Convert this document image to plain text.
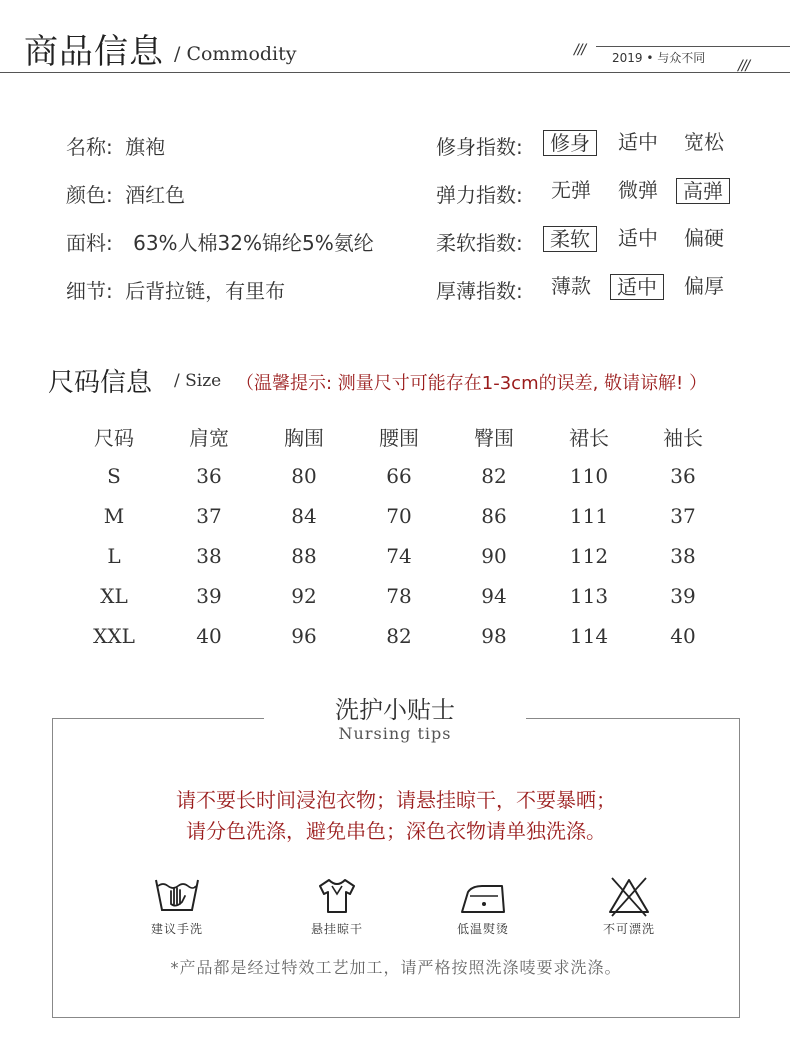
商品信息 / Commodity	/// 2019 • 与众不同 ///
名称: 旗袍
颜色: 酒红色
面料: 63%人棉32%锦纶5%氨纶
细节: 后背拉链，有里布
修身指数:	修身	适中	宽松
弹力指数:	无弹	微弹	高弹
柔软指数:	柔软	适中	偏硬
厚薄指数:	薄款	适中	偏厚
尺码信息 / Size （温馨提示: 测量尺寸可能存在1-3cm的误差, 敬请谅解! ）
尺码	肩宽	胸围	腰围	臀围	裙长	袖长
S	36	80	66	82	110	36
M	37	84	70	86	111	37
L	38	88	74	90	112	38
XL	39	92	78	94	113	39
XXL	40	96	82	98	114	40
洗护小贴士
Nursing tips
请不要长时间浸泡衣物；请悬挂晾干，不要暴晒；
请分色洗涤，避免串色；深色衣物请单独洗涤。
建议手洗	悬挂晾干	低温熨烫	不可漂洗
*产品都是经过特效工艺加工，请严格按照洗涤唛要求洗涤。
